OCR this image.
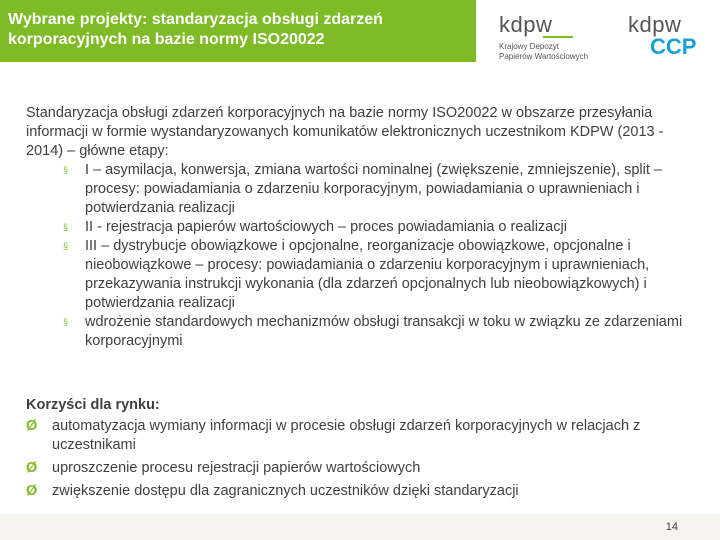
Wybrane projekty: standaryzacja obsługi zdarzeń korporacyjnych na bazie normy ISO20022
kdpw
Krajowy Depozyt
Papierów Wartościowych
kdpw
CCP

Standaryzacja obsługi zdarzeń korporacyjnych na bazie normy ISO20022 w obszarze przesyłania informacji w formie wystandaryzowanych komunikatów elektronicznych uczestnikom KDPW (2013 - 2014) – główne etapy:

§ I – asymilacja, konwersja, zmiana wartości nominalnej (zwiększenie, zmniejszenie), split – procesy: powiadamiania o zdarzeniu korporacyjnym, powiadamiania o uprawnieniach i potwierdzania realizacji
§ II - rejestracja papierów wartościowych – proces powiadamiania o realizacji
§ III – dystrybucje obowiązkowe i opcjonalne, reorganizacje obowiązkowe, opcjonalne i nieobowiązkowe – procesy: powiadamiania o zdarzeniu korporacyjnym i uprawnieniach, przekazywania instrukcji wykonania (dla zdarzeń opcjonalnych lub nieobowiązkowych) i potwierdzania realizacji
§ wdrożenie standardowych mechanizmów obsługi transakcji w toku w związku ze zdarzeniami korporacyjnymi

Korzyści dla rynku:

Ø automatyzacja wymiany informacji w procesie obsługi zdarzeń korporacyjnych w relacjach z uczestnikami
Ø uproszczenie procesu rejestracji papierów wartościowych
Ø zwiększenie dostępu dla zagranicznych uczestników dzięki standaryzacji
14
